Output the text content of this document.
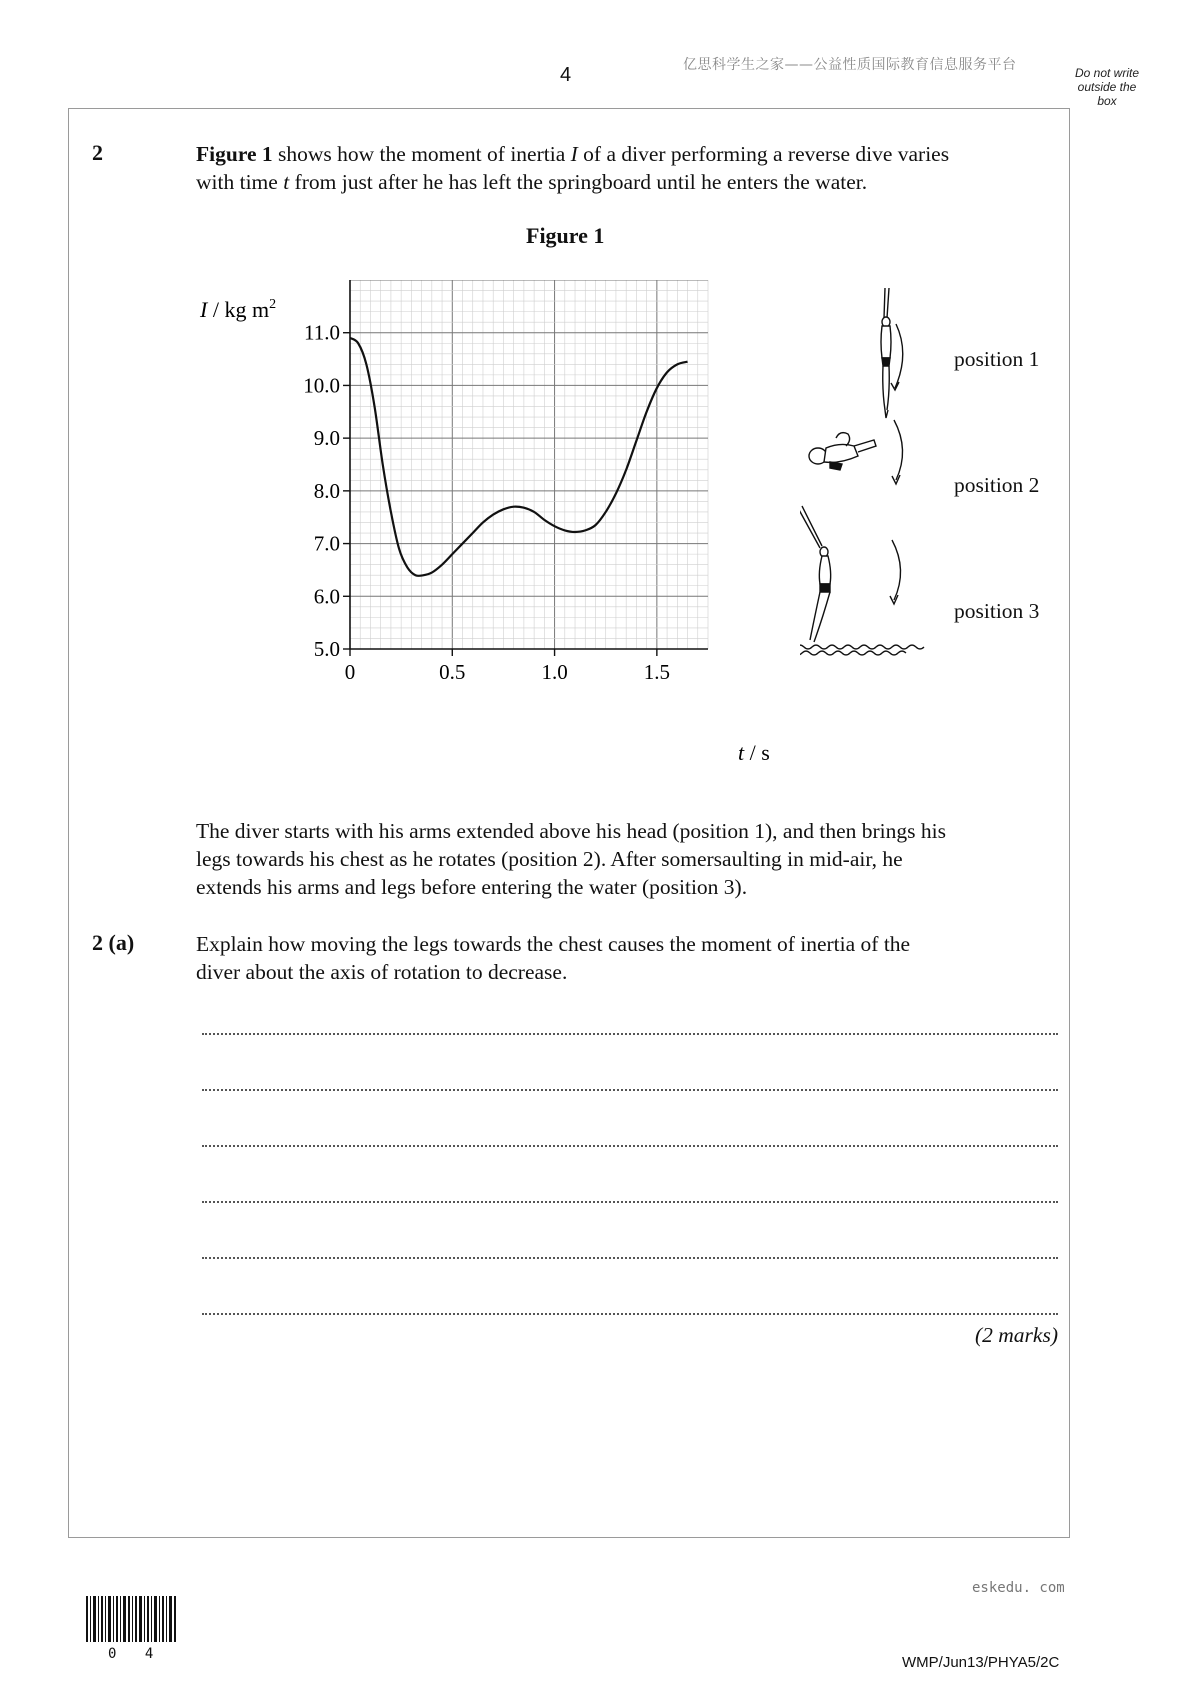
4	亿思科学生之家——公益性质国际教育信息服务平台	Do not write
outside the
box
2	Figure 1 shows how the moment of inertia I of a diver performing a reverse dive varies
with time t from just after he has left the springboard until he enters the water.
Figure 1
5.0
6.0
7.0
8.0
9.0
10.0
11.0
0	0.5	1.0	1.5
I / kg $m^2$
t / s
position 1
position 2
position 3
The diver starts with his arms extended above his head (position 1), and then brings his
legs towards his chest as he rotates (position 2). After somersaulting in mid-air, he
extends his arms and legs before entering the water (position 3).
2 (a)	Explain how moving the legs towards the chest causes the moment of inertia of the
diver about the axis of rotation to decrease.
(2 marks)
eskedu. com
0 4	WMP/Jun13/PHYA5/2C
